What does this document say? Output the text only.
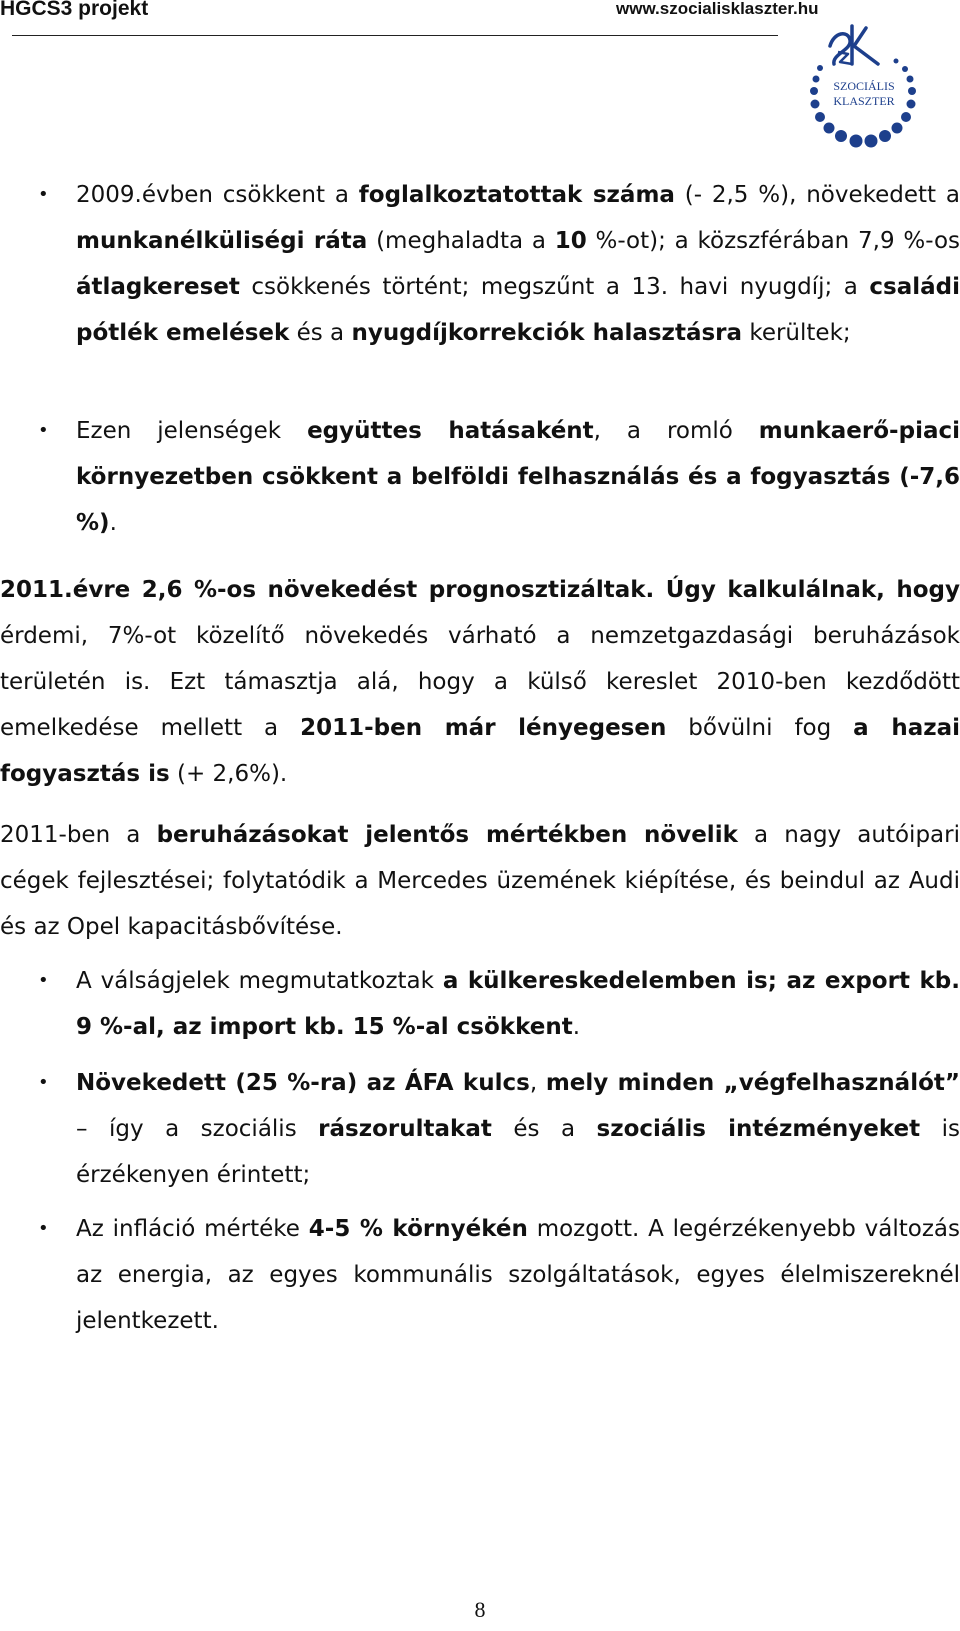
HGCS3 projekt	www.szocialisklaszter.hu
SZOCIÁLIS
KLASZTER
• 2009.évben csökkent a foglalkoztatottak száma (- 2,5 %), növekedett a munkanélküliségi ráta (meghaladta a 10 %-ot); a közszférában 7,9 %-os átlagkereset csökkenés történt; megszűnt a 13. havi nyugdíj; a családi pótlék emelések és a nyugdíjkorrekciók halasztásra kerültek;
• Ezen jelenségek együttes hatásaként, a romló munkaerő-piaci környezetben csökkent a belföldi felhasználás és a fogyasztás (-7,6 %).
2011.évre 2,6 %-os növekedést prognosztizáltak. Úgy kalkulálnak, hogy érdemi, 7%-ot közelítő növekedés várható a nemzetgazdasági beruházások területén is. Ezt támasztja alá, hogy a külső kereslet 2010-ben kezdődött emelkedése mellett a 2011-ben már lényegesen bővülni fog a hazai fogyasztás is (+ 2,6%).
2011-ben a beruházásokat jelentős mértékben növelik a nagy autóipari cégek fejlesztései; folytatódik a Mercedes üzemének kiépítése, és beindul az Audi és az Opel kapacitásbővítése.
• A válságjelek megmutatkoztak a külkereskedelemben is; az export kb. 9 %-al, az import kb. 15 %-al csökkent.
• Növekedett (25 %-ra) az ÁFA kulcs, mely minden „végfelhasználót” – így a szociális rászorultakat és a szociális intézményeket is érzékenyen érintett;
• Az infláció mértéke 4-5 % környékén mozgott. A legérzékenyebb változás az energia, az egyes kommunális szolgáltatások, egyes élelmiszereknél jelentkezett.
8
